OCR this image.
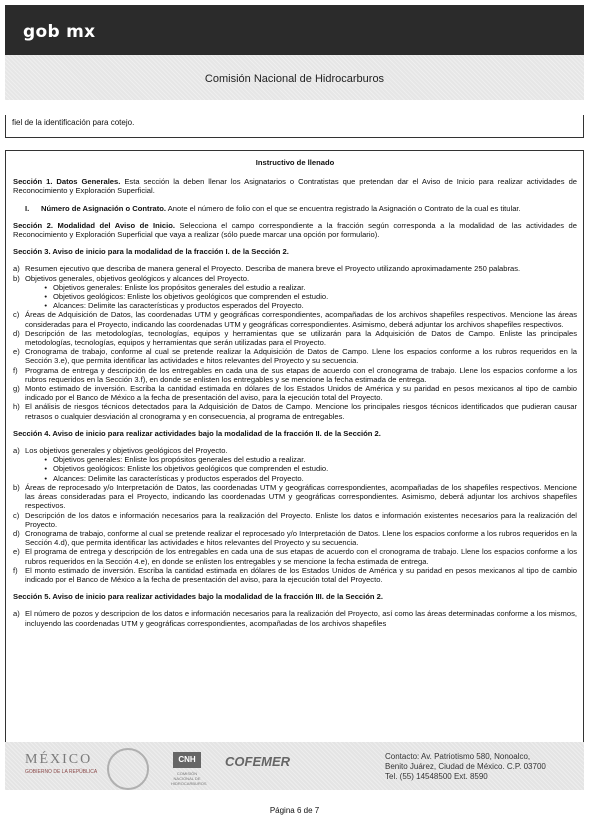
gob mx
Comisión Nacional de Hidrocarburos
fiel de la identificación para cotejo.
Instructivo de llenado

Sección 1. Datos Generales. Esta sección la deben llenar los Asignatarios o Contratistas que pretendan dar el Aviso de Inicio para realizar actividades de Reconocimiento y Exploración Superficial.

I.	Número de Asignación o Contrato. Anote el número de folio con el que se encuentra registrado la Asignación o Contrato de la cual es titular.

Sección 2. Modalidad del Aviso de Inicio. Selecciona el campo correspondiente a la fracción según corresponda a la modalidad de las actividades de Reconocimiento y Exploración Superficial que vaya a realizar (sólo puede marcar una opción por formulario).

Sección 3. Aviso de inicio para la modalidad de la fracción I. de la Sección 2.

a) Resumen ejecutivo que describa de manera general el Proyecto. Describa de manera breve el Proyecto utilizando aproximadamente 250 palabras.
b) Objetivos generales, objetivos geológicos y alcances del Proyecto.
• Objetivos generales: Enliste los propósitos generales del estudio a realizar.
• Objetivos geológicos: Enliste los objetivos geológicos que comprenden el estudio.
• Alcances: Delimite las características y productos esperados del Proyecto.
c) Áreas de Adquisición de Datos, las coordenadas UTM y geográficas correspondientes, acompañadas de los archivos shapefiles respectivos. Mencione las áreas consideradas para el Proyecto, indicando las coordenadas UTM y geográficas correspondientes. Asimismo, deberá adjuntar los archivos shapefiles respectivos.
d) Descripción de las metodologías, tecnologías, equipos y herramientas que se utilizarán para la Adquisición de Datos de Campo. Enliste las principales metodologías, tecnologías, equipos y herramientas que serán utilizadas para el Proyecto.
e) Cronograma de trabajo, conforme al cual se pretende realizar la Adquisición de Datos de Campo. Llene los espacios conforme a los rubros requeridos en la Sección 3.e), que permita identificar las actividades e hitos relevantes del Proyecto y su secuencia.
f) Programa de entrega y descripción de los entregables en cada una de sus etapas de acuerdo con el cronograma de trabajo. Llene los espacios conforme a los rubros requeridos en la Sección 3.f), en donde se enlisten los entregables y se mencione la fecha estimada de entrega.
g) Monto estimado de inversión. Escriba la cantidad estimada en dólares de los Estados Unidos de América y su paridad en pesos mexicanos al tipo de cambio indicado por el Banco de México a la fecha de presentación del aviso, para la ejecución total del Proyecto.
h) El análisis de riesgos técnicos detectados para la Adquisición de Datos de Campo. Mencione los principales riesgos técnicos identificados que pudieran causar retrasos o cualquier desviación al cronograma y en consecuencia, al programa de entregables.

Sección 4. Aviso de inicio para realizar actividades bajo la modalidad de la fracción II. de la Sección 2.

a) Los objetivos generales y objetivos geológicos del Proyecto.
• Objetivos generales: Enliste los propósitos generales del estudio a realizar.
• Objetivos geológicos: Enliste los objetivos geológicos que comprenden el estudio.
• Alcances: Delimite las características y productos esperados del Proyecto.
b) Áreas de reprocesado y/o Interpretación de Datos, las coordenadas UTM y geográficas correspondientes, acompañadas de los shapefiles respectivos. Mencione las áreas consideradas para el Proyecto, indicando las coordenadas UTM y geográficas correspondientes. Asimismo, deberá adjuntar los archivos shapefiles respectivos.
c) Descripción de los datos e información necesarios para la realización del Proyecto. Enliste los datos e información existentes necesarios para la realización del Proyecto.
d) Cronograma de trabajo, conforme al cual se pretende realizar el reprocesado y/o Interpretación de Datos. Llene los espacios conforme a los rubros requeridos en la Sección 4.d), que permita identificar las actividades e hitos relevantes del Proyecto y su secuencia.
e) El programa de entrega y descripción de los entregables en cada una de sus etapas de acuerdo con el cronograma de trabajo. Llene los espacios conforme a los rubros requeridos en la Sección 4.e), en donde se enlisten los entregables y se mencione la fecha estimada de entrega.
f) El monto estimado de inversión. Escriba la cantidad estimada en dólares de los Estados Unidos de América y su paridad en pesos mexicanos al tipo de cambio indicado por el Banco de México a la fecha de presentación del aviso, para la ejecución total del Proyecto.

Sección 5. Aviso de inicio para realizar actividades bajo la modalidad de la fracción III. de la Sección 2.

a) El número de pozos y descripcion de los datos e información necesarios para la realización del Proyecto, así como las áreas determinadas conforme a los mismos, incluyendo las coordenadas UTM y geográficas correspondientes, acompañadas de los archivos shapefiles
MÉXICO
GOBIERNO DE LA REPÚBLICA
CNH
COMISIÓN NACIONAL DE HIDROCARBUROS
COFEMER	Contacto: Av. Patriotismo 580, Nonoalco,
Benito Juárez, Ciudad de México. C.P. 03700
Tel. (55) 14548500 Ext. 8590
Página 6 de 7
